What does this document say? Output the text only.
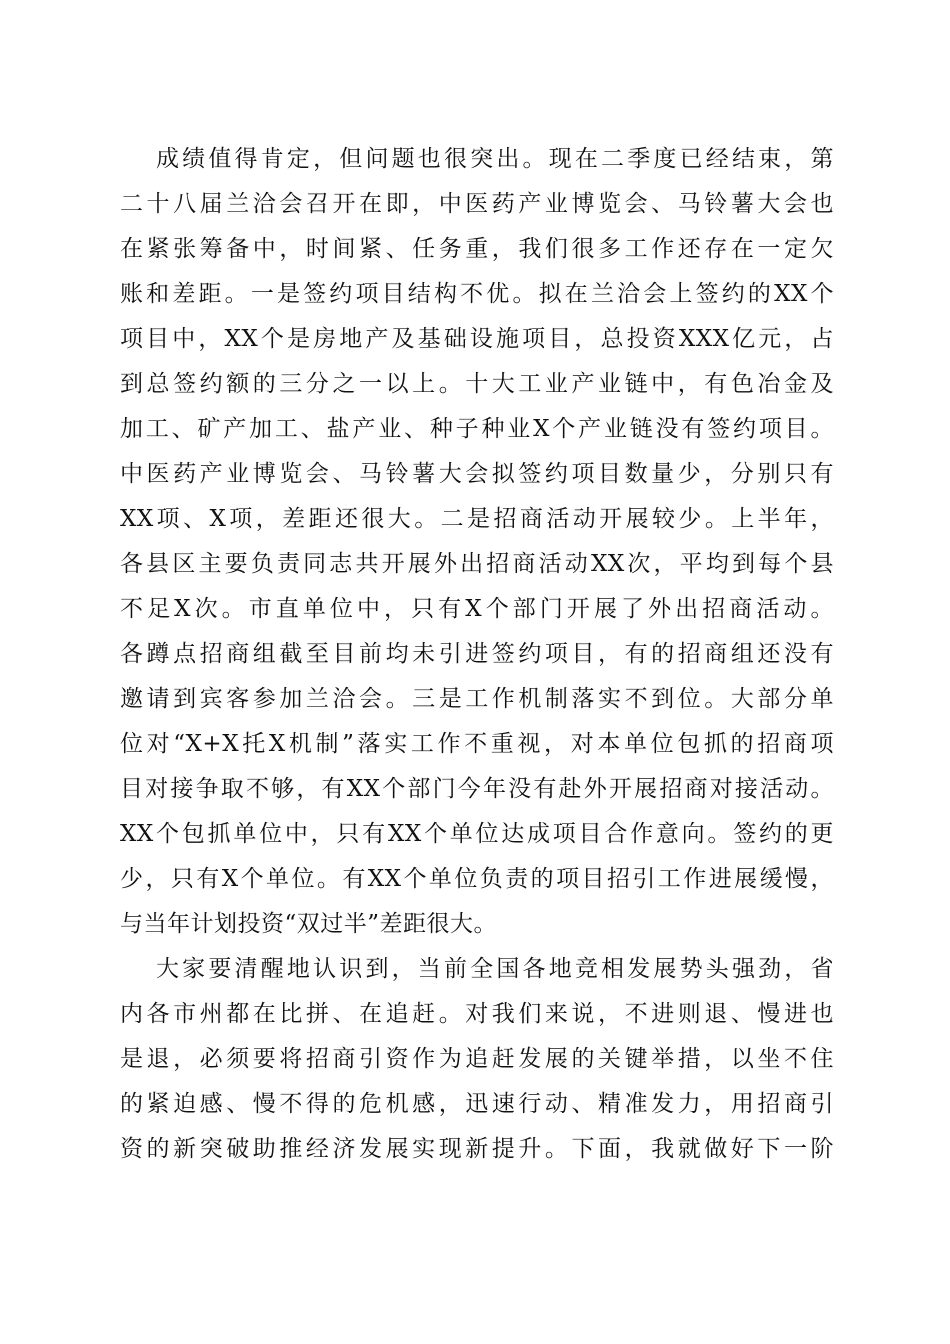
成绩值得肯定，但问题也很突出。现在二季度已经结束，第
二十八届兰洽会召开在即，中医药产业博览会、马铃薯大会也
在紧张筹备中，时间紧、任务重，我们很多工作还存在一定欠
账和差距。一是签约项目结构不优。拟在兰洽会上签约的XX个
项目中，XX个是房地产及基础设施项目，总投资XXX亿元，占
到总签约额的三分之一以上。十大工业产业链中，有色冶金及
加工、矿产加工、盐产业、种子种业X个产业链没有签约项目。
中医药产业博览会、马铃薯大会拟签约项目数量少，分别只有
XX项、X项，差距还很大。二是招商活动开展较少。上半年，
各县区主要负责同志共开展外出招商活动XX次，平均到每个县
不足X次。市直单位中，只有X个部门开展了外出招商活动。
各蹲点招商组截至目前均未引进签约项目，有的招商组还没有
邀请到宾客参加兰洽会。三是工作机制落实不到位。大部分单
位对“X+X托X机制”落实工作不重视，对本单位包抓的招商项
目对接争取不够，有XX个部门今年没有赴外开展招商对接活动。
XX个包抓单位中，只有XX个单位达成项目合作意向。签约的更
少，只有X个单位。有XX个单位负责的项目招引工作进展缓慢，
与当年计划投资“双过半”差距很大。
大家要清醒地认识到，当前全国各地竞相发展势头强劲，省
内各市州都在比拼、在追赶。对我们来说，不进则退、慢进也
是退，必须要将招商引资作为追赶发展的关键举措，以坐不住
的紧迫感、慢不得的危机感，迅速行动、精准发力，用招商引
资的新突破助推经济发展实现新提升。下面，我就做好下一阶
